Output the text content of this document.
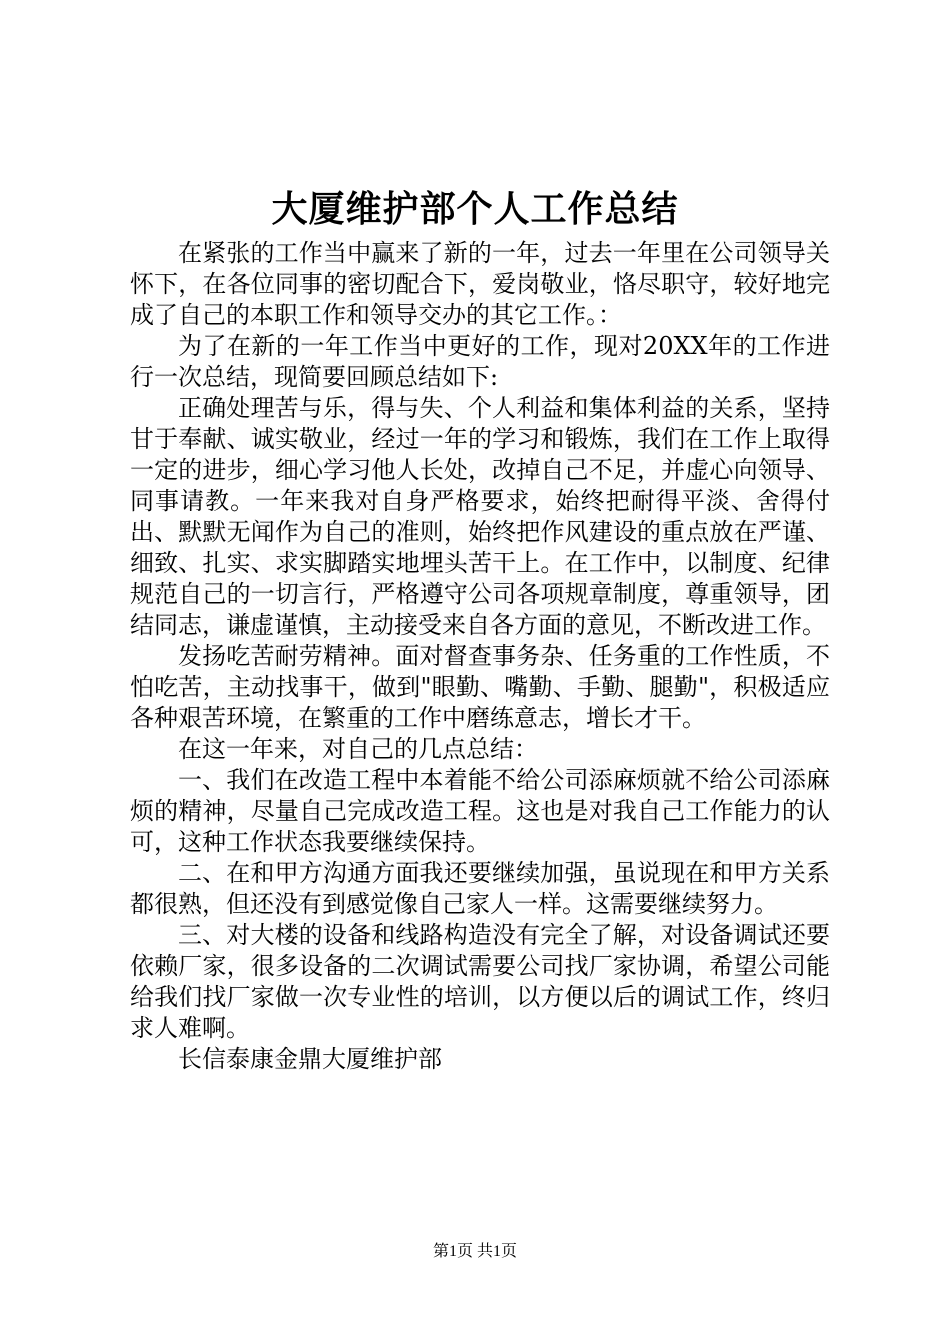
大厦维护部个人工作总结

在紧张的工作当中赢来了新的一年，过去一年里在公司领导关怀下，在各位同事的密切配合下，爱岗敬业，恪尽职守，较好地完成了自己的本职工作和领导交办的其它工作。：

为了在新的一年工作当中更好的工作，现对20XX年的工作进行一次总结，现简要回顾总结如下:

正确处理苦与乐，得与失、个人利益和集体利益的关系，坚持甘于奉献、诚实敬业，经过一年的学习和锻炼，我们在工作上取得一定的进步，细心学习他人长处，改掉自己不足，并虚心向领导、同事请教。一年来我对自身严格要求，始终把耐得平淡、舍得付出、默默无闻作为自己的准则，始终把作风建设的重点放在严谨、细致、扎实、求实脚踏实地埋头苦干上。在工作中，以制度、纪律规范自己的一切言行，严格遵守公司各项规章制度，尊重领导，团结同志，谦虚谨慎，主动接受来自各方面的意见，不断改进工作。

发扬吃苦耐劳精神。面对督查事务杂、任务重的工作性质，不怕吃苦，主动找事干，做到"眼勤、嘴勤、手勤、腿勤"，积极适应各种艰苦环境，在繁重的工作中磨练意志，增长才干。

在这一年来，对自己的几点总结：

一、我们在改造工程中本着能不给公司添麻烦就不给公司添麻烦的精神，尽量自己完成改造工程。这也是对我自己工作能力的认可，这种工作状态我要继续保持。

二、在和甲方沟通方面我还要继续加强，虽说现在和甲方关系都很熟，但还没有到感觉像自己家人一样。这需要继续努力。

三、对大楼的设备和线路构造没有完全了解，对设备调试还要依赖厂家，很多设备的二次调试需要公司找厂家协调，希望公司能给我们找厂家做一次专业性的培训，以方便以后的调试工作，终归求人难啊。

长信泰康金鼎大厦维护部

第1页 共1页
